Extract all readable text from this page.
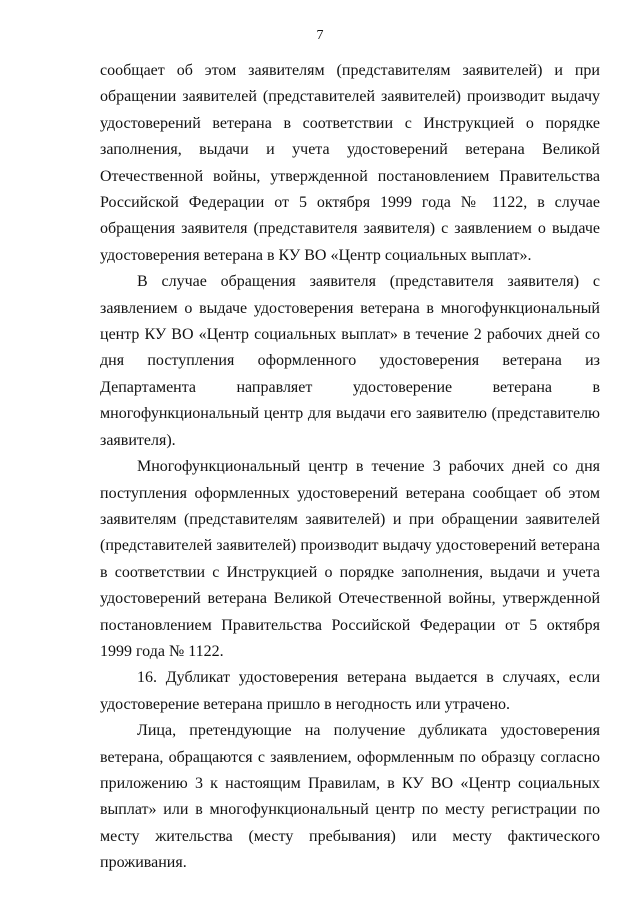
7

сообщает об этом заявителям (представителям заявителей) и при обращении заявителей (представителей заявителей) производит выдачу удостоверений ветерана в соответствии с Инструкцией о порядке заполнения, выдачи и учета удостоверений ветерана Великой Отечественной войны, утвержденной постановлением Правительства Российской Федерации от 5 октября 1999 года № 1122, в случае обращения заявителя (представителя заявителя) с заявлением о выдаче удостоверения ветерана в КУ ВО «Центр социальных выплат».

В случае обращения заявителя (представителя заявителя) с заявлением о выдаче удостоверения ветерана в многофункциональный центр КУ ВО «Центр социальных выплат» в течение 2 рабочих дней со дня поступления оформленного удостоверения ветерана из Департамента направляет удостоверение ветерана в многофункциональный центр для выдачи его заявителю (представителю заявителя).

Многофункциональный центр в течение 3 рабочих дней со дня поступления оформленных удостоверений ветерана сообщает об этом заявителям (представителям заявителей) и при обращении заявителей (представителей заявителей) производит выдачу удостоверений ветерана в соответствии с Инструкцией о порядке заполнения, выдачи и учета удостоверений ветерана Великой Отечественной войны, утвержденной постановлением Правительства Российской Федерации от 5 октября 1999 года № 1122.

16. Дубликат удостоверения ветерана выдается в случаях, если удостоверение ветерана пришло в негодность или утрачено.

Лица, претендующие на получение дубликата удостоверения ветерана, обращаются с заявлением, оформленным по образцу согласно приложению 3 к настоящим Правилам, в КУ ВО «Центр социальных выплат» или в многофункциональный центр по месту регистрации по месту жительства (месту пребывания) или месту фактического проживания.
